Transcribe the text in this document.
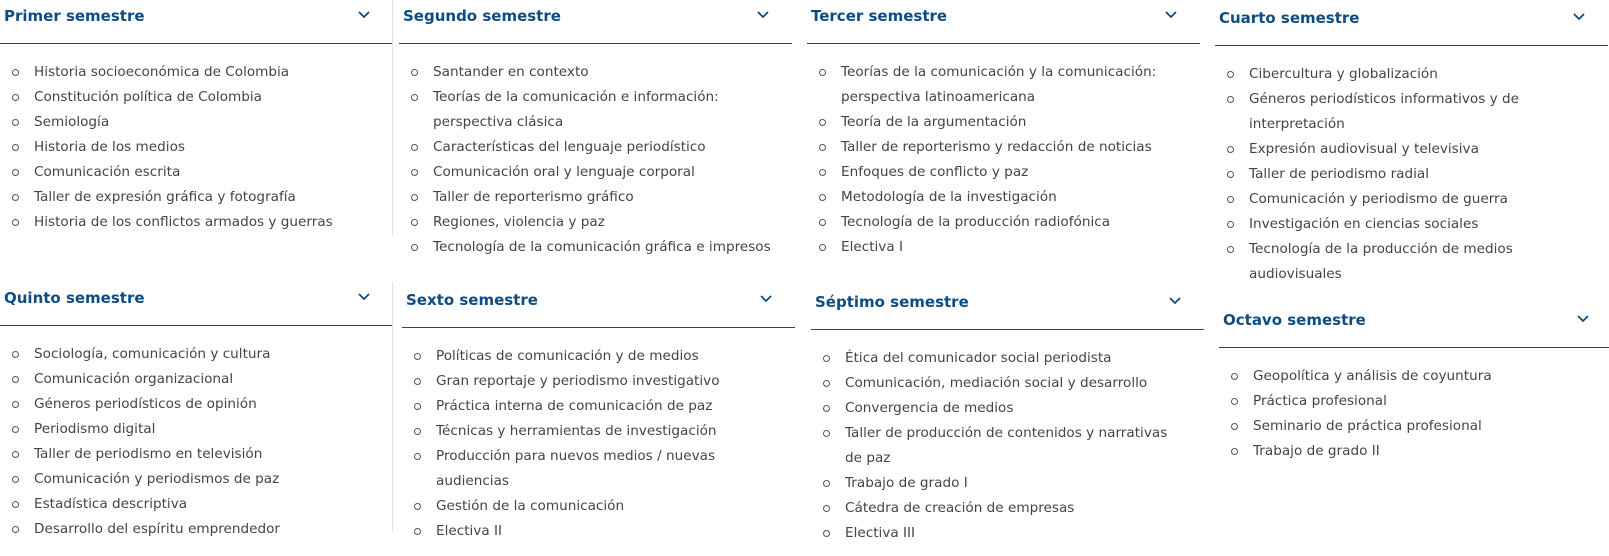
Primer semestre
Historia socioeconómica de Colombia
Constitución política de Colombia
Semiología
Historia de los medios
Comunicación escrita
Taller de expresión gráfica y fotografía
Historia de los conflictos armados y guerras
Segundo semestre
Santander en contexto
Teorías de la comunicación e información: perspectiva clásica
Características del lenguaje periodístico
Comunicación oral y lenguaje corporal
Taller de reporterismo gráfico
Regiones, violencia y paz
Tecnología de la comunicación gráfica e impresos
Tercer semestre
Teorías de la comunicación y la comunicación: perspectiva latinoamericana
Teoría de la argumentación
Taller de reporterismo y redacción de noticias
Enfoques de conflicto y paz
Metodología de la investigación
Tecnología de la producción radiofónica
Electiva I
Cuarto semestre
Cibercultura y globalización
Géneros periodísticos informativos y de interpretación
Expresión audiovisual y televisiva
Taller de periodismo radial
Comunicación y periodismo de guerra
Investigación en ciencias sociales
Tecnología de la producción de medios audiovisuales
Quinto semestre
Sociología, comunicación y cultura
Comunicación organizacional
Géneros periodísticos de opinión
Periodismo digital
Taller de periodismo en televisión
Comunicación y periodismos de paz
Estadística descriptiva
Desarrollo del espíritu emprendedor
Sexto semestre
Políticas de comunicación y de medios
Gran reportaje y periodismo investigativo
Práctica interna de comunicación de paz
Técnicas y herramientas de investigación
Producción para nuevos medios / nuevas audiencias
Gestión de la comunicación
Electiva II
Séptimo semestre
Ética del comunicador social periodista
Comunicación, mediación social y desarrollo
Convergencia de medios
Taller de producción de contenidos y narrativas de paz
Trabajo de grado I
Cátedra de creación de empresas
Electiva III
Octavo semestre
Geopolítica y análisis de coyuntura
Práctica profesional
Seminario de práctica profesional
Trabajo de grado II
